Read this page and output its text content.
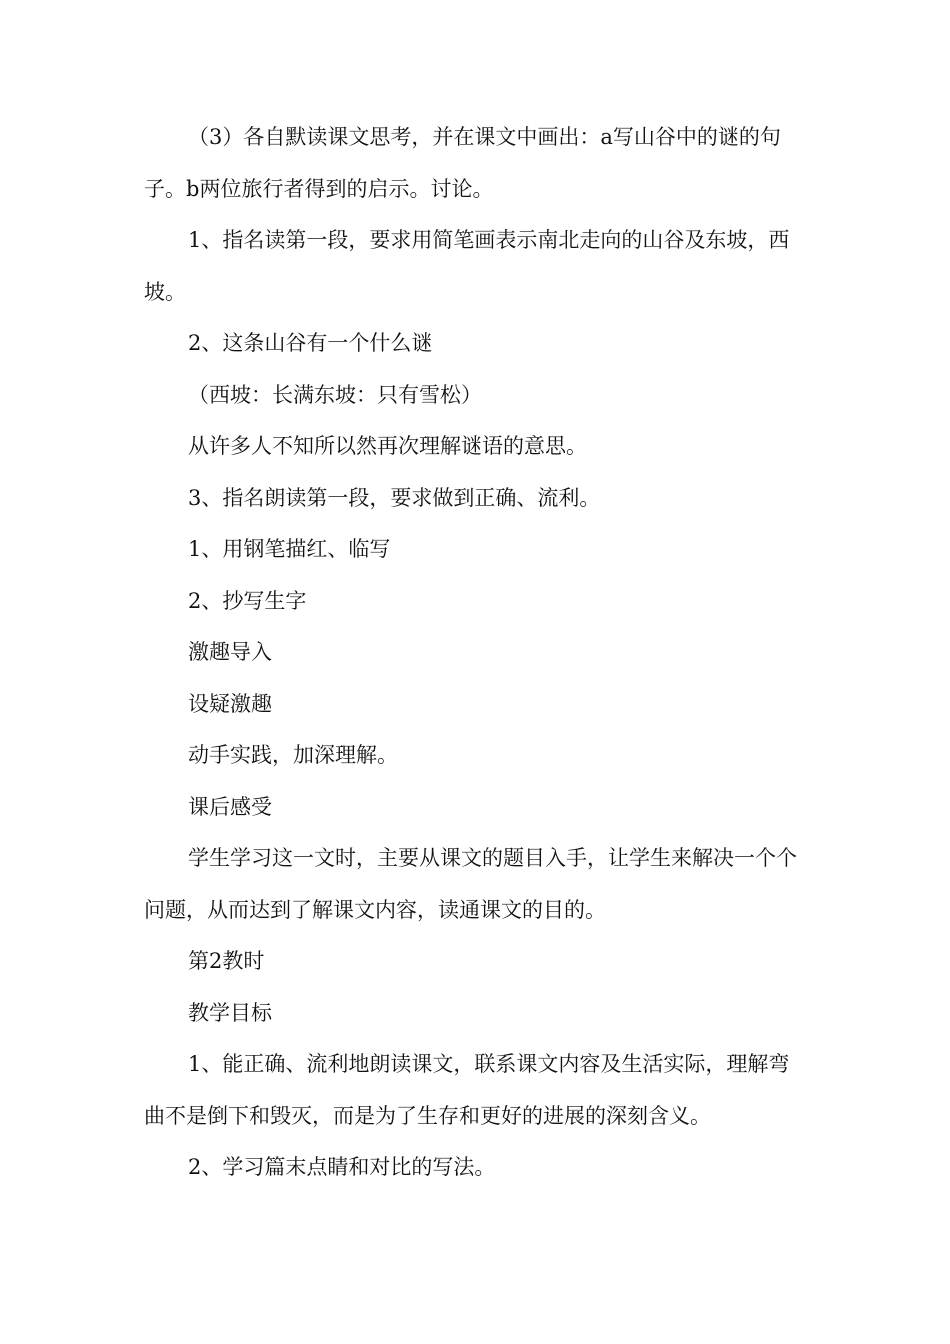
（3）各自默读课文思考，并在课文中画出：a写山谷中的谜的句子。b两位旅行者得到的启示。讨论。

1、指名读第一段，要求用简笔画表示南北走向的山谷及东坡，西坡。

2、这条山谷有一个什么谜

（西坡：长满东坡：只有雪松）

从许多人不知所以然再次理解谜语的意思。

3、指名朗读第一段，要求做到正确、流利。

1、用钢笔描红、临写

2、抄写生字

激趣导入

设疑激趣

动手实践，加深理解。

课后感受

学生学习这一文时，主要从课文的题目入手，让学生来解决一个个问题，从而达到了解课文内容，读通课文的目的。

第2教时

教学目标

1、能正确、流利地朗读课文，联系课文内容及生活实际，理解弯曲不是倒下和毁灭，而是为了生存和更好的进展的深刻含义。

2、学习篇末点睛和对比的写法。
